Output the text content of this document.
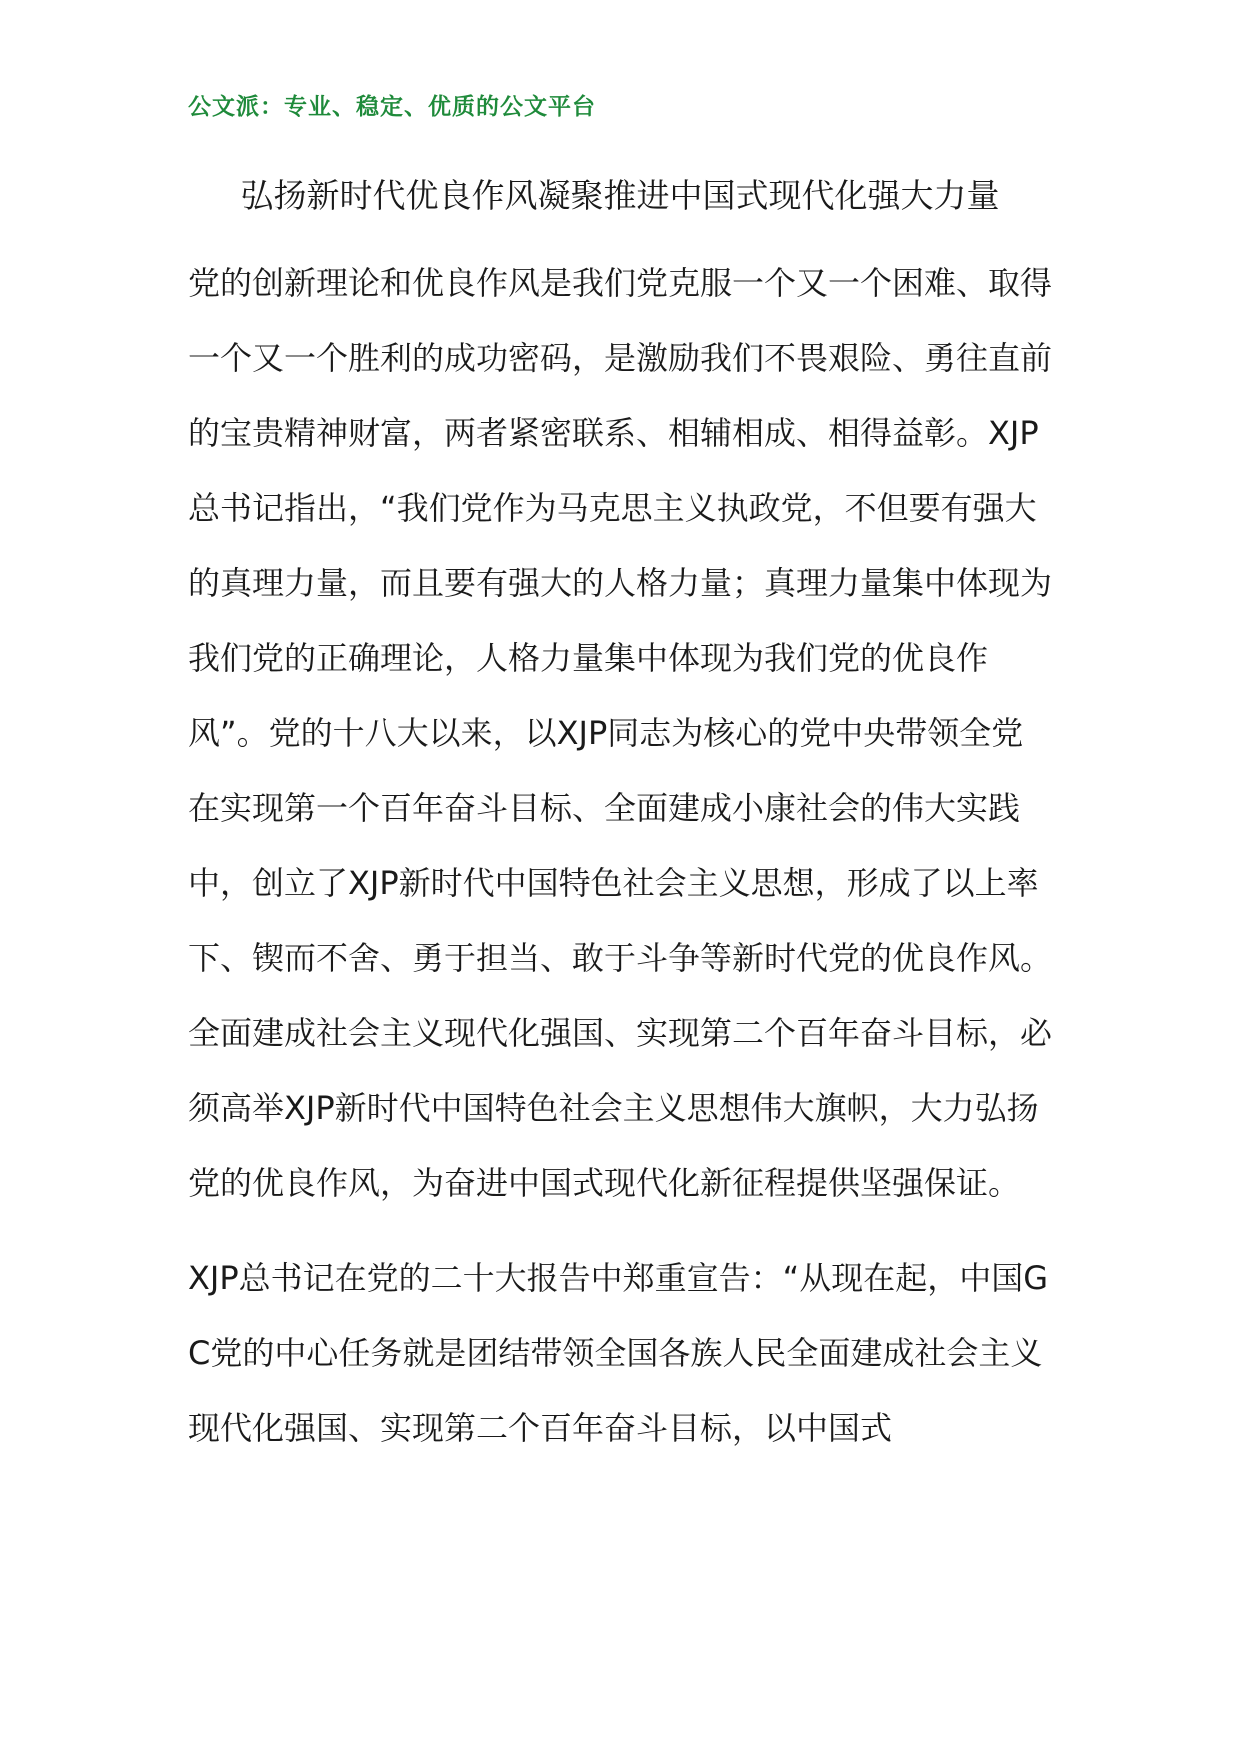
公文派：专业、稳定、优质的公文平台
弘扬新时代优良作风凝聚推进中国式现代化强大力量

党的创新理论和优良作风是我们党克服一个又一个困难、取得一个又一个胜利的成功密码，是激励我们不畏艰险、勇往直前的宝贵精神财富，两者紧密联系、相辅相成、相得益彰。XJP总书记指出，“我们党作为马克思主义执政党，不但要有强大的真理力量，而且要有强大的人格力量；真理力量集中体现为我们党的正确理论，人格力量集中体现为我们党的优良作风”。党的十八大以来，以XJP同志为核心的党中央带领全党在实现第一个百年奋斗目标、全面建成小康社会的伟大实践中，创立了XJP新时代中国特色社会主义思想，形成了以上率下、锲而不舍、勇于担当、敢于斗争等新时代党的优良作风。全面建成社会主义现代化强国、实现第二个百年奋斗目标，必须高举XJP新时代中国特色社会主义思想伟大旗帜，大力弘扬党的优良作风，为奋进中国式现代化新征程提供坚强保证。

XJP总书记在党的二十大报告中郑重宣告：“从现在起，中国GC党的中心任务就是团结带领全国各族人民全面建成社会主义现代化强国、实现第二个百年奋斗目标，以中国式
